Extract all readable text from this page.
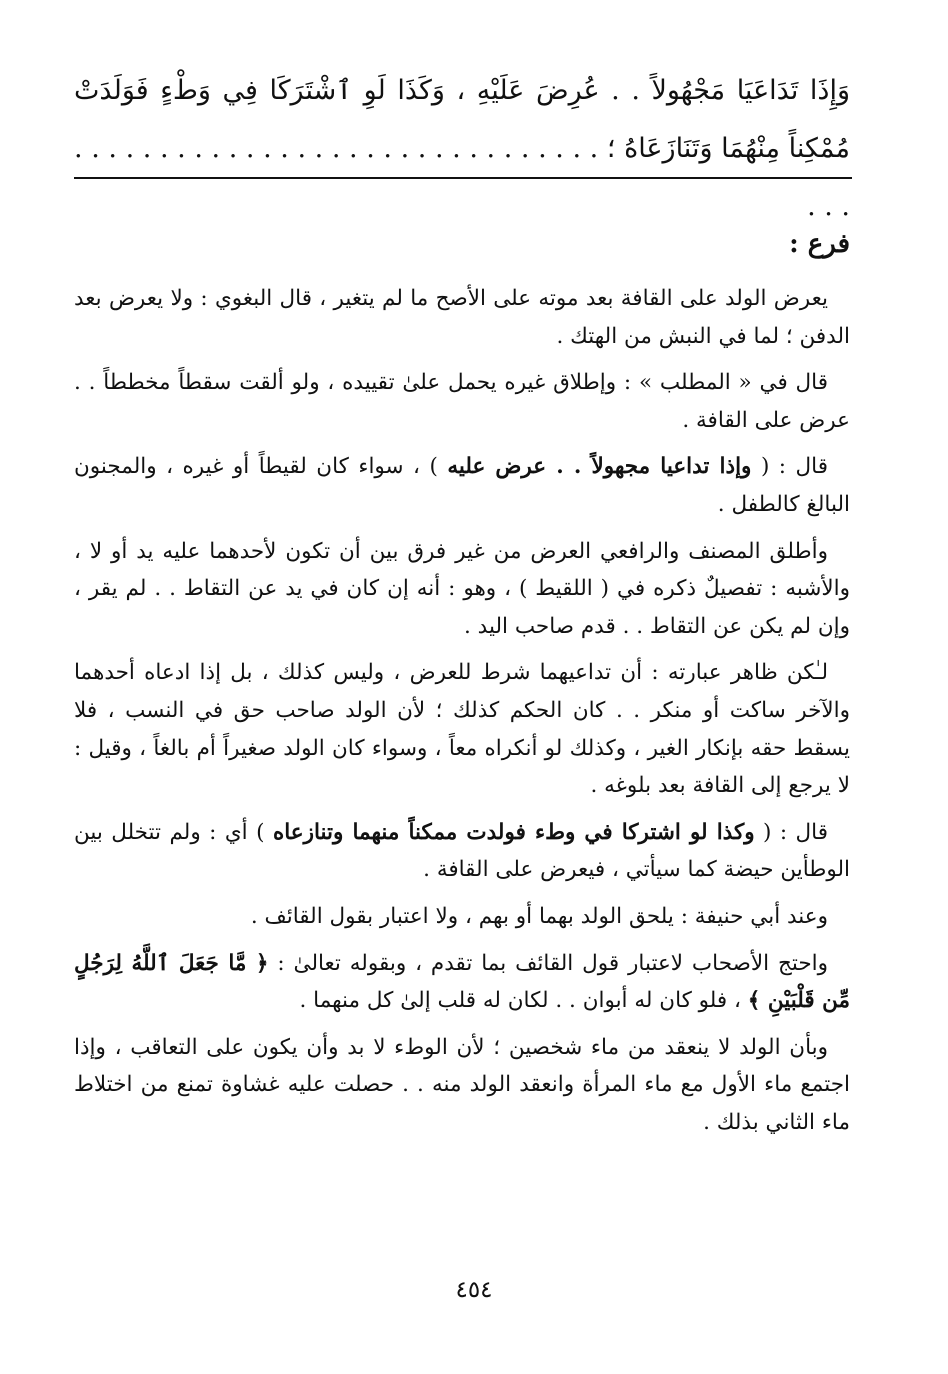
وَإِذَا تَدَاعَيَا مَجْهُولاً . . عُرِضَ عَلَيْهِ ، وَكَذَا لَوِ ٱشْتَرَكَا فِي وَطْءٍ فَوَلَدَتْ مُمْكِناً مِنْهُمَا وَتَنَازَعَاهُ ؛ . . . . . . . . . . . . . . . . . . . . . . . . . . . . . . . . . .

فرع :

يعرض الولد على القافة بعد موته على الأصح ما لم يتغير ، قال البغوي : ولا يعرض بعد الدفن ؛ لما في النبش من الهتك .

قال في « المطلب » : وإطلاق غيره يحمل علىٰ تقييده ، ولو ألقت سقطاً مخططاً . . عرض على القافة .

قال : ( وإذا تداعيا مجهولاً . . عرض عليه ) ، سواء كان لقيطاً أو غيره ، والمجنون البالغ كالطفل .

وأطلق المصنف والرافعي العرض من غير فرق بين أن تكون لأحدهما عليه يد أو لا ، والأشبه : تفصيلٌ ذكره في ( اللقيط ) ، وهو : أنه إن كان في يد عن التقاط . . لم يقر ، وإن لم يكن عن التقاط . . قدم صاحب اليد .

لـٰكن ظاهر عبارته : أن تداعيهما شرط للعرض ، وليس كذلك ، بل إذا ادعاه أحدهما والآخر ساكت أو منكر . . كان الحكم كذلك ؛ لأن الولد صاحب حق في النسب ، فلا يسقط حقه بإنكار الغير ، وكذلك لو أنكراه معاً ، وسواء كان الولد صغيراً أم بالغاً ، وقيل : لا يرجع إلى القافة بعد بلوغه .

قال : ( وكذا لو اشتركا في وطء فولدت ممكناً منهما وتنازعاه ) أي : ولم تتخلل بين الوطأين حيضة كما سيأتي ، فيعرض على القافة .

وعند أبي حنيفة : يلحق الولد بهما أو بهم ، ولا اعتبار بقول القائف .

واحتج الأصحاب لاعتبار قول القائف بما تقدم ، وبقوله تعالىٰ : ﴿ مَّا جَعَلَ ٱللَّهُ لِرَجُلٍ مِّن قَلْبَيْنِ ﴾ ، فلو كان له أبوان . . لكان له قلب إلىٰ كل منهما .

وبأن الولد لا ينعقد من ماء شخصين ؛ لأن الوطء لا بد وأن يكون على التعاقب ، وإذا اجتمع ماء الأول مع ماء المرأة وانعقد الولد منه . . حصلت عليه غشاوة تمنع من اختلاط ماء الثاني بذلك .

٤٥٤
